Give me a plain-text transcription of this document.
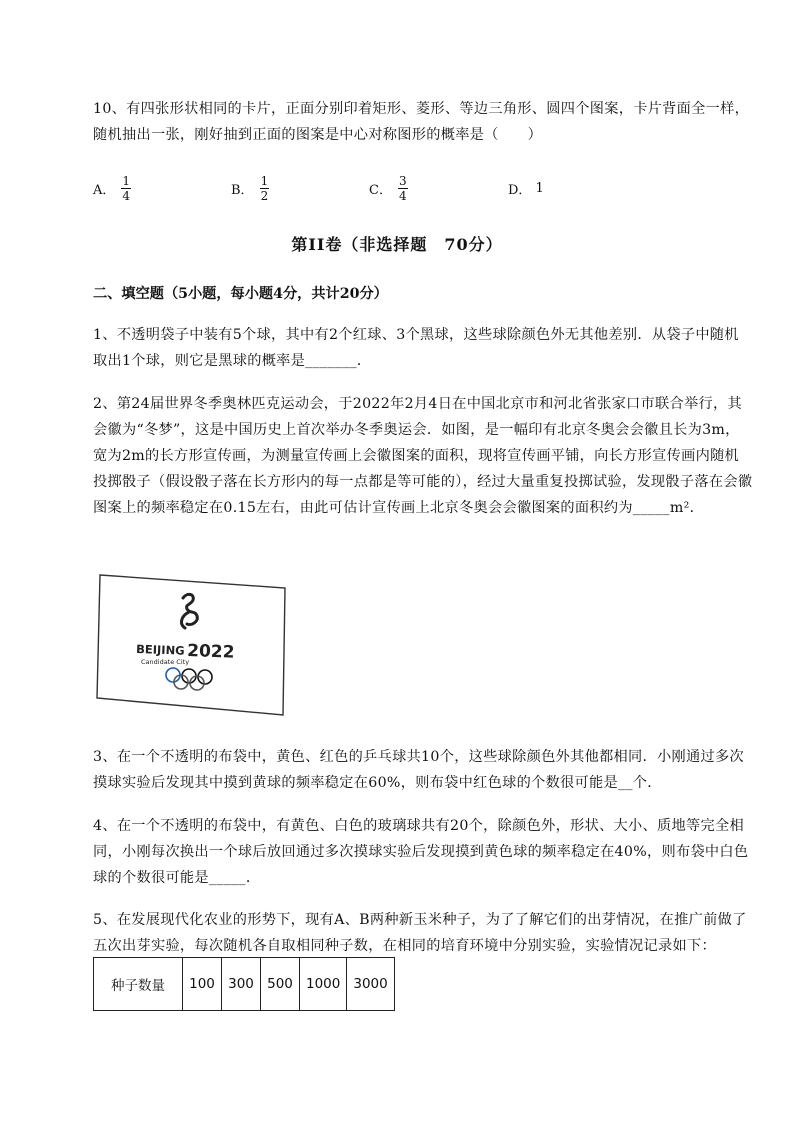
10、有四张形状相同的卡片，正面分别印着矩形、菱形、等边三角形、圆四个图案，卡片背面全一样，随机抽出一张，刚好抽到正面的图案是中心对称图形的概率是（　　）
A． $\frac{1}{4}$	B． $\frac{1}{2}$	C． $\frac{3}{4}$	D． 1
第II卷（非选择题　70分）
二、填空题（5小题，每小题4分，共计20分）
1、不透明袋子中装有5个球，其中有2个红球、3个黑球，这些球除颜色外无其他差别．从袋子中随机取出1个球，则它是黑球的概率是_______．
2、第24届世界冬季奥林匹克运动会，于2022年2月4日在中国北京市和河北省张家口市联合举行，其会徽为“冬梦”，这是中国历史上首次举办冬季奥运会．如图，是一幅印有北京冬奥会会徽且长为3m，宽为2m的长方形宣传画，为测量宣传画上会徽图案的面积，现将宣传画平铺，向长方形宣传画内随机投掷骰子（假设骰子落在长方形内的每一点都是等可能的），经过大量重复投掷试验，发现骰子落在会徽图案上的频率稳定在0.15左右，由此可估计宣传画上北京冬奥会会徽图案的面积约为_____m²．
BEIJING 2022
Candidate City
3、在一个不透明的布袋中，黄色、红色的乒乓球共10个，这些球除颜色外其他都相同．小刚通过多次摸球实验后发现其中摸到黄球的频率稳定在60%，则布袋中红色球的个数很可能是__个．
4、在一个不透明的布袋中，有黄色、白色的玻璃球共有20个，除颜色外，形状、大小、质地等完全相同，小刚每次换出一个球后放回通过多次摸球实验后发现摸到黄色球的频率稳定在40%，则布袋中白色球的个数很可能是_____．
5、在发展现代化农业的形势下，现有A、B两种新玉米种子，为了了解它们的出芽情况，在推广前做了五次出芽实验，每次随机各自取相同种子数，在相同的培育环境中分别实验，实验情况记录如下：
种子数量	100	300	500	1000	3000
